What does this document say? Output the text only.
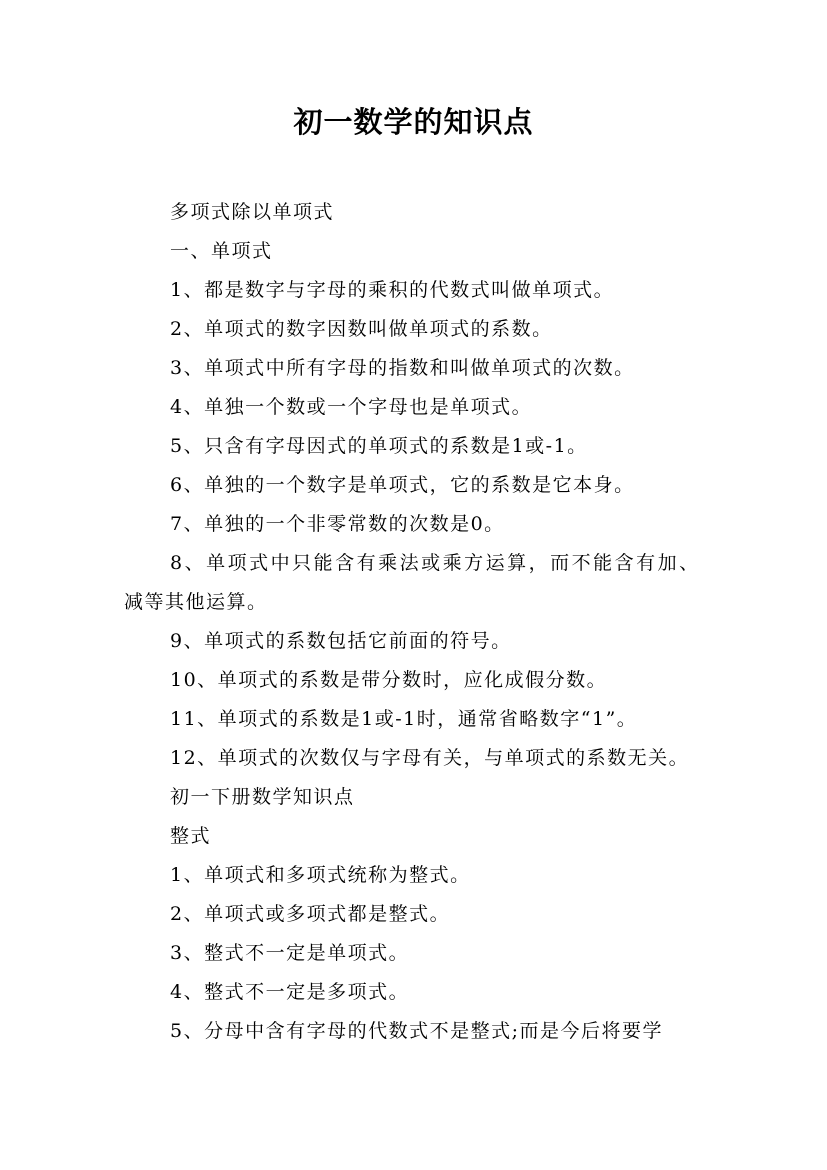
初一数学的知识点
多项式除以单项式
一、单项式
1、都是数字与字母的乘积的代数式叫做单项式。
2、单项式的数字因数叫做单项式的系数。
3、单项式中所有字母的指数和叫做单项式的次数。
4、单独一个数或一个字母也是单项式。
5、只含有字母因式的单项式的系数是1或-1。
6、单独的一个数字是单项式，它的系数是它本身。
7、单独的一个非零常数的次数是0。
8、单项式中只能含有乘法或乘方运算，而不能含有加、
减等其他运算。
9、单项式的系数包括它前面的符号。
10、单项式的系数是带分数时，应化成假分数。
11、单项式的系数是1或-1时，通常省略数字“1”。
12、单项式的次数仅与字母有关，与单项式的系数无关。
初一下册数学知识点
整式
1、单项式和多项式统称为整式。
2、单项式或多项式都是整式。
3、整式不一定是单项式。
4、整式不一定是多项式。
5、分母中含有字母的代数式不是整式;而是今后将要学
